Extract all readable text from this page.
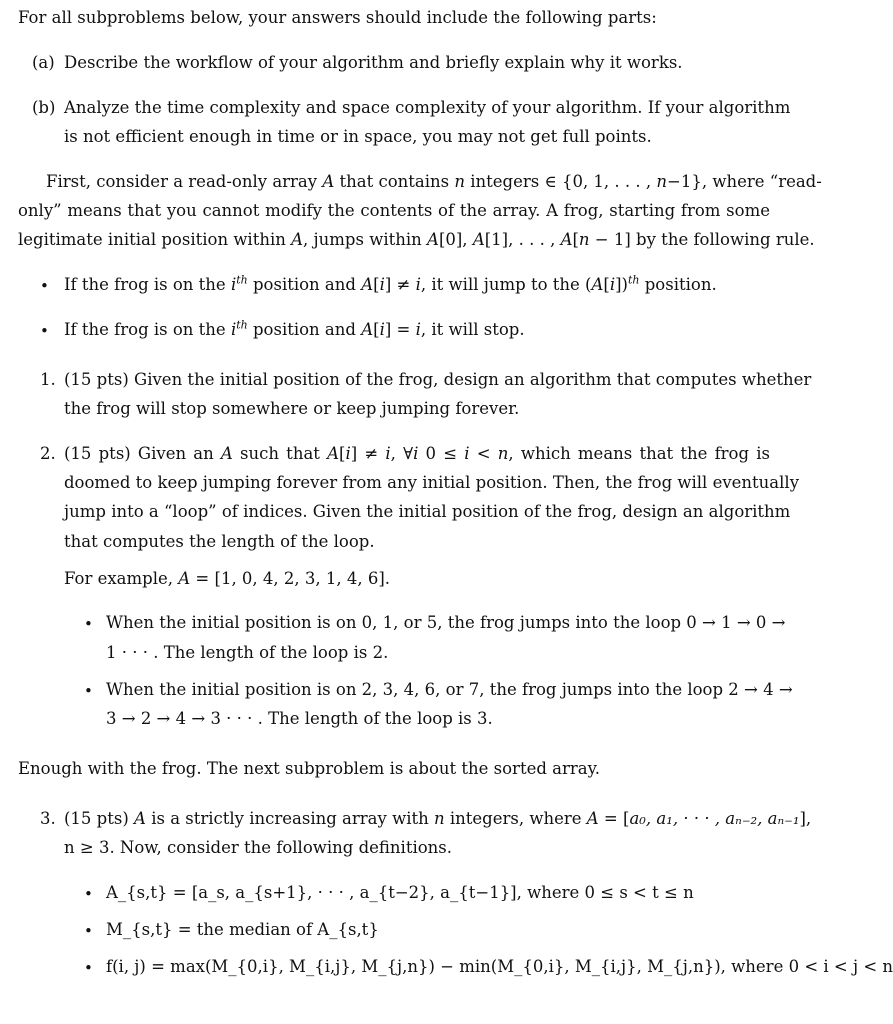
For all subproblems below, your answers should include the following parts:
(a) Describe the workflow of your algorithm and briefly explain why it works.
(b) Analyze the time complexity and space complexity of your algorithm. If your algorithm
is not efficient enough in time or in space, you may not get full points.
First, consider a read-only array A that contains n integers ∈ {0, 1, . . . , n−1}, where “read-
only” means that you cannot modify the contents of the array. A frog, starting from some
legitimate initial position within A, jumps within A[0], A[1], . . . , A[n − 1] by the following rule.
• If the frog is on the $i^{th}$ position and A[i] ≠ i, it will jump to the $(A[i])^{th}$ position.
• If the frog is on the $i^{th}$ position and A[i] = i, it will stop.
1. (15 pts) Given the initial position of the frog, design an algorithm that computes whether
the frog will stop somewhere or keep jumping forever.
2. (15 pts) Given an A such that A[i] ≠ i, ∀i 0 ≤ i < n, which means that the frog is
doomed to keep jumping forever from any initial position. Then, the frog will eventually
jump into a “loop” of indices. Given the initial position of the frog, design an algorithm
that computes the length of the loop.
For example, A = [1, 0, 4, 2, 3, 1, 4, 6].
• When the initial position is on 0, 1, or 5, the frog jumps into the loop 0 → 1 → 0 →
1 · · · . The length of the loop is 2.
• When the initial position is on 2, 3, 4, 6, or 7, the frog jumps into the loop 2 → 4 →
3 → 2 → 4 → 3 · · · . The length of the loop is 3.
Enough with the frog. The next subproblem is about the sorted array.
3. (15 pts) A is a strictly increasing array with n integers, where A = [a₀, a₁, · · · , aₙ₋₂, aₙ₋₁],
n ≥ 3. Now, consider the following definitions.
• A_{s,t} = [a_s, a_{s+1}, · · · , a_{t−2}, a_{t−1}], where 0 ≤ s < t ≤ n
• M_{s,t} = the median of A_{s,t}
• f(i, j) = max(M_{0,i}, M_{i,j}, M_{j,n}) − min(M_{0,i}, M_{i,j}, M_{j,n}), where 0 < i < j < n
